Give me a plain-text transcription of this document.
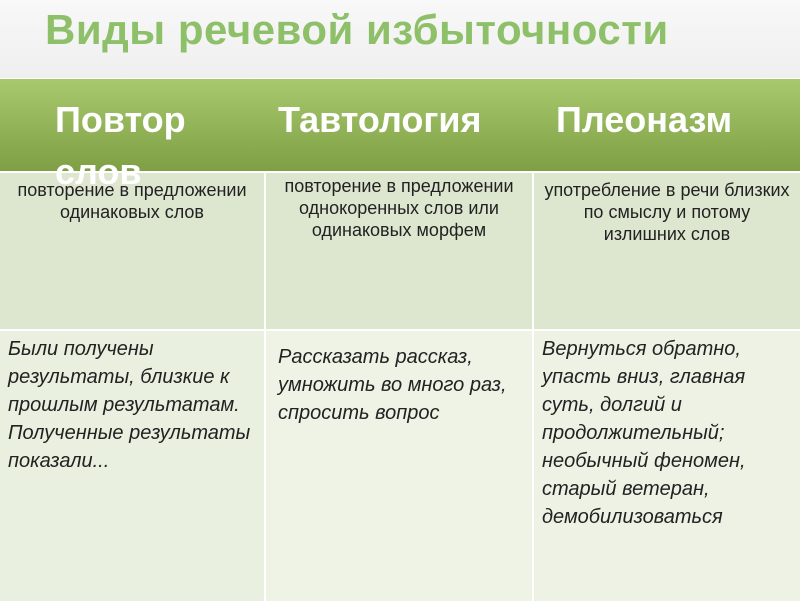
Виды речевой избыточности
Повтор слов
Тавтология Плеоназм
повторение в предложении одинаковых слов
повторение в предложении однокоренных слов или одинаковых морфем
употребление в речи близких по смыслу и потому излишних слов
Были получены результаты, близкие к прошлым результатам. Полученные результаты показали...
Рассказать рассказ, умножить во много раз, спросить вопрос
Вернуться обратно, упасть вниз, главная суть, долгий и продолжительный; необычный феномен, старый ветеран, демобилизоваться
